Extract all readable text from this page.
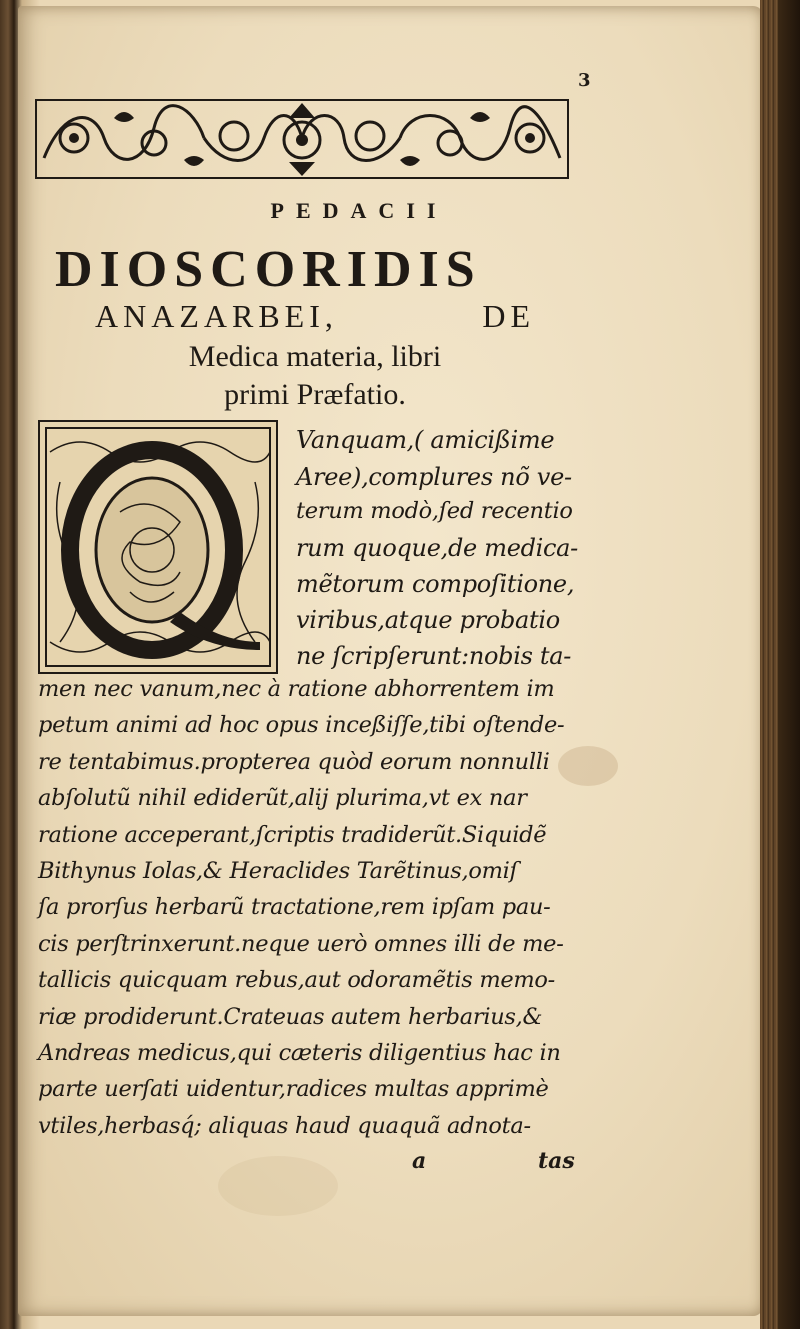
3
PEDACII
DIOSCORIDIS
ANAZARBEI,	DE
Medica materia, libri
primi Præfatio.
Vanquam,( amicißime
Aree),complures nõ ve-
terum modò,ſed recentio
rum quoque,de medica-
mẽtorum compoſitione,
viribus,atque probatio
ne ſcripſerunt:nobis ta-
men nec vanum,nec à ratione abhorrentem im
petum animi ad hoc opus inceßiſſe,tibi oſtende-
re tentabimus.propterea quòd eorum nonnulli
abſolutũ nihil ediderũt,alij plurima,vt ex nar
ratione acceperant,ſcriptis tradiderũt.Siquidẽ
Bithynus Iolas,& Heraclides Tarẽtinus,omiſ
ſa prorſus herbarũ tractatione,rem ipſam pau-
cis perſtrinxerunt.neque uerò omnes illi de me-
tallicis quicquam rebus,aut odoramẽtis memo-
riæ prodiderunt.Crateuas autem herbarius,&
Andreas medicus,qui cæteris diligentius hac in
parte uerſati uidentur,radices multas apprimè
vtiles,herbasq́; aliquas haud quaquã adnota-
a	tas
